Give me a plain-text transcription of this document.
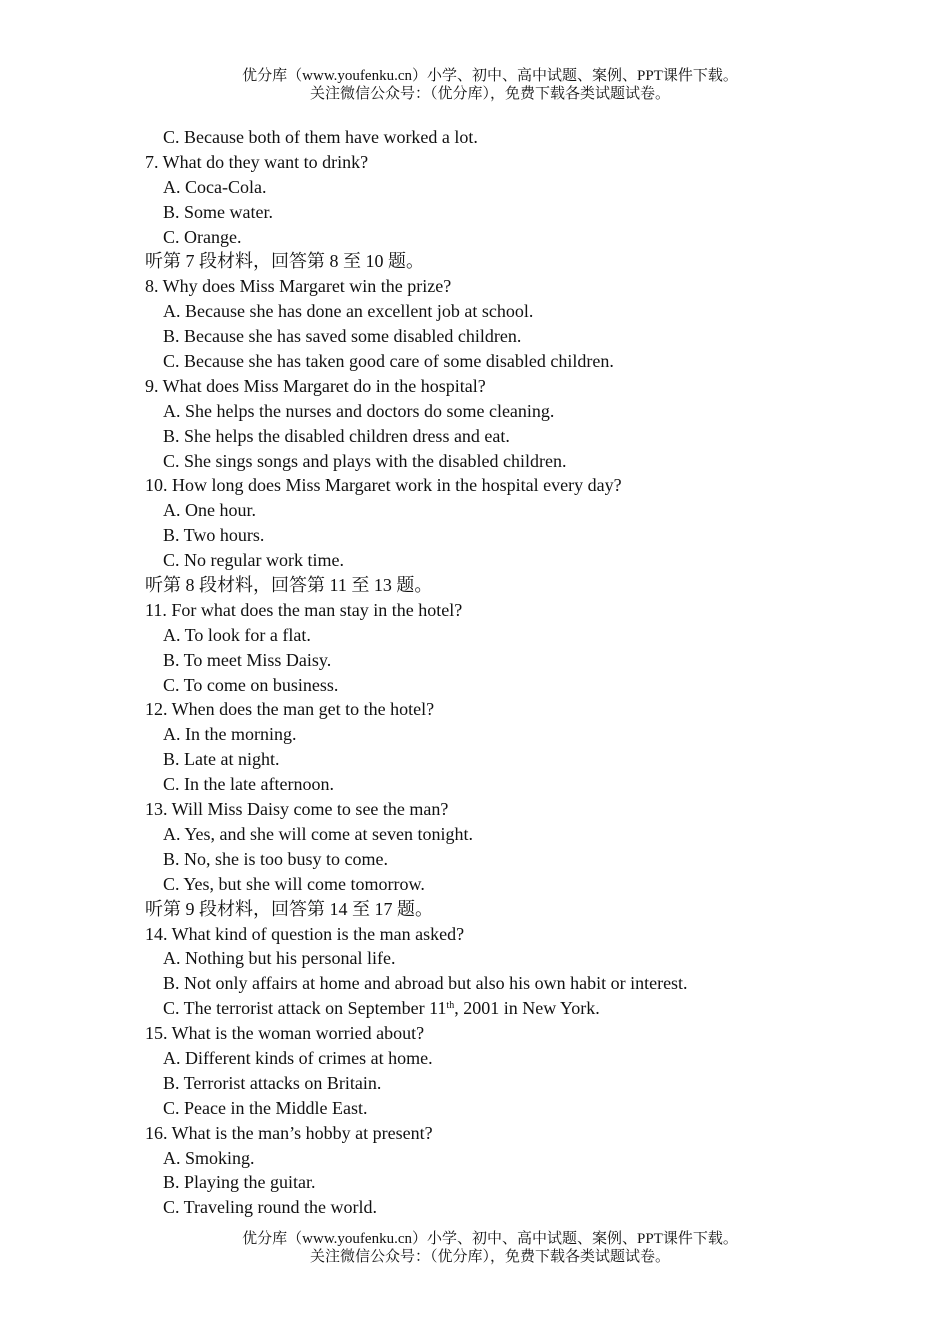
优分库（www.youfenku.cn）小学、初中、高中试题、案例、PPT课件下载。
关注微信公众号：（优分库），免费下载各类试题试卷。
C. Because both of them have worked a lot.
7. What do they want to drink?
A. Coca-Cola.
B. Some water.
C. Orange.
听第 7 段材料，回答第 8 至 10 题。
8. Why does Miss Margaret win the prize?
A. Because she has done an excellent job at school.
B. Because she has saved some disabled children.
C. Because she has taken good care of some disabled children.
9. What does Miss Margaret do in the hospital?
A. She helps the nurses and doctors do some cleaning.
B. She helps the disabled children dress and eat.
C. She sings songs and plays with the disabled children.
10. How long does Miss Margaret work in the hospital every day?
A. One hour.
B. Two hours.
C. No regular work time.
听第 8 段材料，回答第 11 至 13 题。
11. For what does the man stay in the hotel?
A. To look for a flat.
B. To meet Miss Daisy.
C. To come on business.
12. When does the man get to the hotel?
A. In the morning.
B. Late at night.
C. In the late afternoon.
13. Will Miss Daisy come to see the man?
A. Yes, and she will come at seven tonight.
B. No, she is too busy to come.
C. Yes, but she will come tomorrow.
听第 9 段材料，回答第 14 至 17 题。
14. What kind of question is the man asked?
A. Nothing but his personal life.
B. Not only affairs at home and abroad but also his own habit or interest.
C. The terrorist attack on September 11th, 2001 in New York.
15. What is the woman worried about?
A. Different kinds of crimes at home.
B. Terrorist attacks on Britain.
C. Peace in the Middle East.
16. What is the man’s hobby at present?
A. Smoking.
B. Playing the guitar.
C. Traveling round the world.
优分库（www.youfenku.cn）小学、初中、高中试题、案例、PPT课件下载。
关注微信公众号：（优分库），免费下载各类试题试卷。
